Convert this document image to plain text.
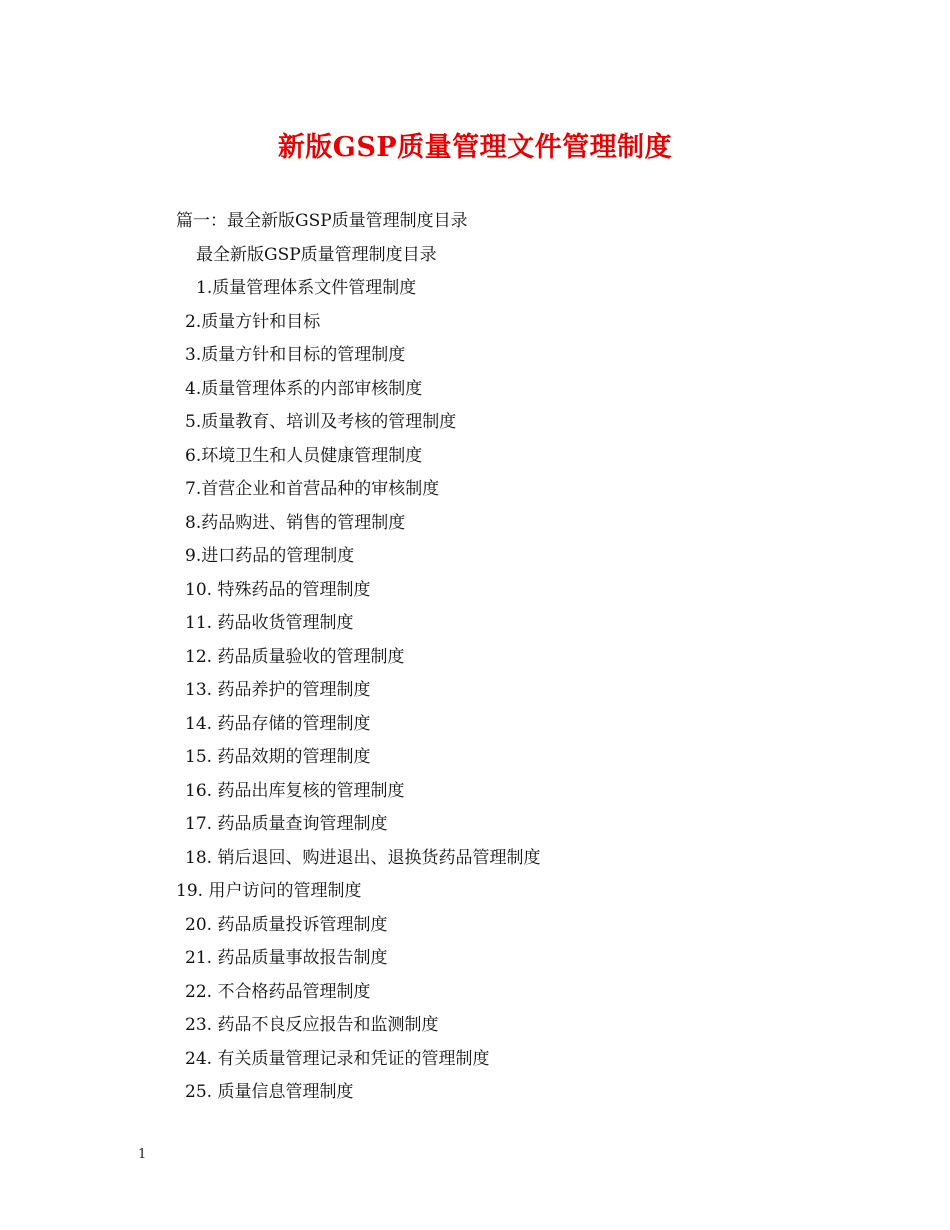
新版GSP质量管理文件管理制度
篇一：最全新版GSP质量管理制度目录
最全新版GSP质量管理制度目录
1.质量管理体系文件管理制度
2.质量方针和目标
3.质量方针和目标的管理制度
4.质量管理体系的内部审核制度
5.质量教育、培训及考核的管理制度
6.环境卫生和人员健康管理制度
7.首营企业和首营品种的审核制度
8.药品购进、销售的管理制度
9.进口药品的管理制度
10. 特殊药品的管理制度
11. 药品收货管理制度
12. 药品质量验收的管理制度
13. 药品养护的管理制度
14. 药品存储的管理制度
15. 药品效期的管理制度
16. 药品出库复核的管理制度
17. 药品质量查询管理制度
18. 销后退回、购进退出、退换货药品管理制度
19. 用户访问的管理制度
20. 药品质量投诉管理制度
21. 药品质量事故报告制度
22. 不合格药品管理制度
23. 药品不良反应报告和监测制度
24. 有关质量管理记录和凭证的管理制度
25. 质量信息管理制度
1
